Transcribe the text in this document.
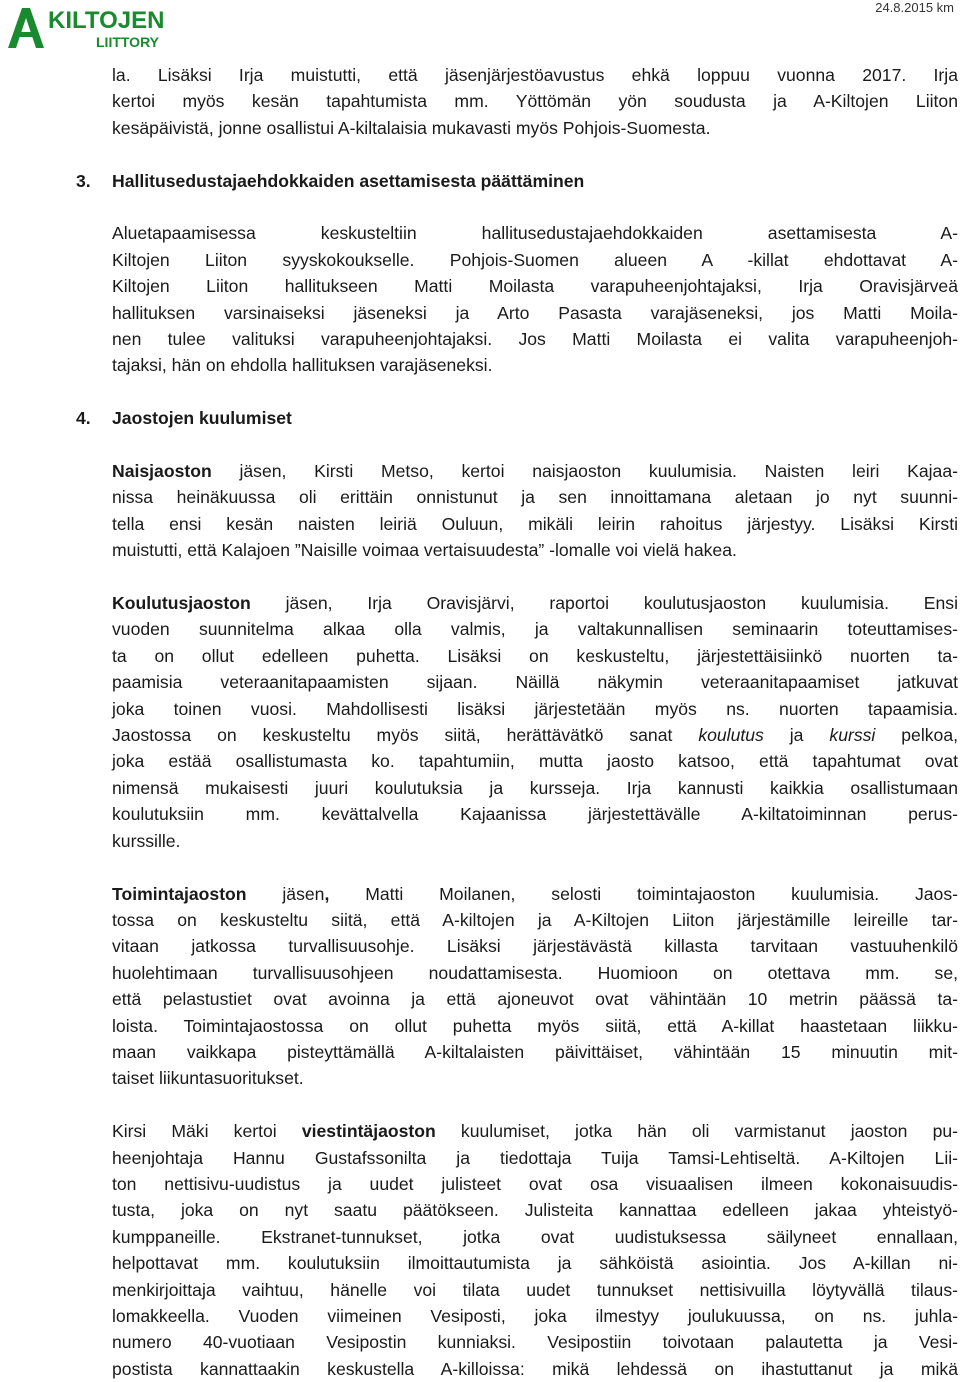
KILTOJEN
LIITTORY
24.8.2015 km
la. Lisäksi Irja muistutti, että jäsenjärjestöavustus ehkä loppuu vuonna 2017. Irja
kertoi myös kesän tapahtumista mm. Yöttömän yön soudusta ja A-Kiltojen Liiton
kesäpäivistä, jonne osallistui A-kiltalaisia mukavasti myös Pohjois-Suomesta.
3. Hallitusedustajaehdokkaiden asettamisesta päättäminen
Aluetapaamisessa keskusteltiin hallitusedustajaehdokkaiden asettamisesta A-
Kiltojen Liiton syyskokoukselle. Pohjois-Suomen alueen A -killat ehdottavat A-
Kiltojen Liiton hallitukseen Matti Moilasta varapuheenjohtajaksi, Irja Oravisjärveä
hallituksen varsinaiseksi jäseneksi ja Arto Pasasta varajäseneksi, jos Matti Moila-
nen tulee valituksi varapuheenjohtajaksi. Jos Matti Moilasta ei valita varapuheenjoh-
tajaksi, hän on ehdolla hallituksen varajäseneksi.
4. Jaostojen kuulumiset
Naisjaoston jäsen, Kirsti Metso, kertoi naisjaoston kuulumisia. Naisten leiri Kajaa-
nissa heinäkuussa oli erittäin onnistunut ja sen innoittamana aletaan jo nyt suunni-
tella ensi kesän naisten leiriä Ouluun, mikäli leirin rahoitus järjestyy. Lisäksi Kirsti
muistutti, että Kalajoen ”Naisille voimaa vertaisuudesta” -lomalle voi vielä hakea.
Koulutusjaoston jäsen, Irja Oravisjärvi, raportoi koulutusjaoston kuulumisia. Ensi
vuoden suunnitelma alkaa olla valmis, ja valtakunnallisen seminaarin toteuttamises-
ta on ollut edelleen puhetta. Lisäksi on keskusteltu, järjestettäisiinkö nuorten ta-
paamisia veteraanitapaamisten sijaan. Näillä näkymin veteraanitapaamiset jatkuvat
joka toinen vuosi. Mahdollisesti lisäksi järjestetään myös ns. nuorten tapaamisia.
Jaostossa on keskusteltu myös siitä, herättävätkö sanat koulutus ja kurssi pelkoa,
joka estää osallistumasta ko. tapahtumiin, mutta jaosto katsoo, että tapahtumat ovat
nimensä mukaisesti juuri koulutuksia ja kursseja. Irja kannusti kaikkia osallistumaan
koulutuksiin mm. kevättalvella Kajaanissa järjestettävälle A-kiltatoiminnan perus-
kurssille.
Toimintajaoston jäsen, Matti Moilanen, selosti toimintajaoston kuulumisia. Jaos-
tossa on keskusteltu siitä, että A-kiltojen ja A-Kiltojen Liiton järjestämille leireille tar-
vitaan jatkossa turvallisuusohje. Lisäksi järjestävästä killasta tarvitaan vastuuhenkilö
huolehtimaan turvallisuusohjeen noudattamisesta. Huomioon on otettava mm. se,
että pelastustiet ovat avoinna ja että ajoneuvot ovat vähintään 10 metrin päässä ta-
loista. Toimintajaostossa on ollut puhetta myös siitä, että A-killat haastetaan liikku-
maan vaikkapa pisteyttämällä A-kiltalaisten päivittäiset, vähintään 15 minuutin mit-
taiset liikuntasuoritukset.
Kirsi Mäki kertoi viestintäjaoston kuulumiset, jotka hän oli varmistanut jaoston pu-
heenjohtaja Hannu Gustafssonilta ja tiedottaja Tuija Tamsi-Lehtiseltä. A-Kiltojen Lii-
ton nettisivu-uudistus ja uudet julisteet ovat osa visuaalisen ilmeen kokonaisuudis-
tusta, joka on nyt saatu päätökseen. Julisteita kannattaa edelleen jakaa yhteistyö-
kumppaneille. Ekstranet-tunnukset, jotka ovat uudistuksessa säilyneet ennallaan,
helpottavat mm. koulutuksiin ilmoittautumista ja sähköistä asiointia. Jos A-killan ni-
menkirjoittaja vaihtuu, hänelle voi tilata uudet tunnukset nettisivuilla löytyvällä tilaus-
lomakkeella. Vuoden viimeinen Vesiposti, joka ilmestyy joulukuussa, on ns. juhla-
numero 40-vuotiaan Vesipostin kunniaksi. Vesipostiin toivotaan palautetta ja Vesi-
postista kannattaakin keskustella A-killoissa: mikä lehdessä on ihastuttanut ja mikä
